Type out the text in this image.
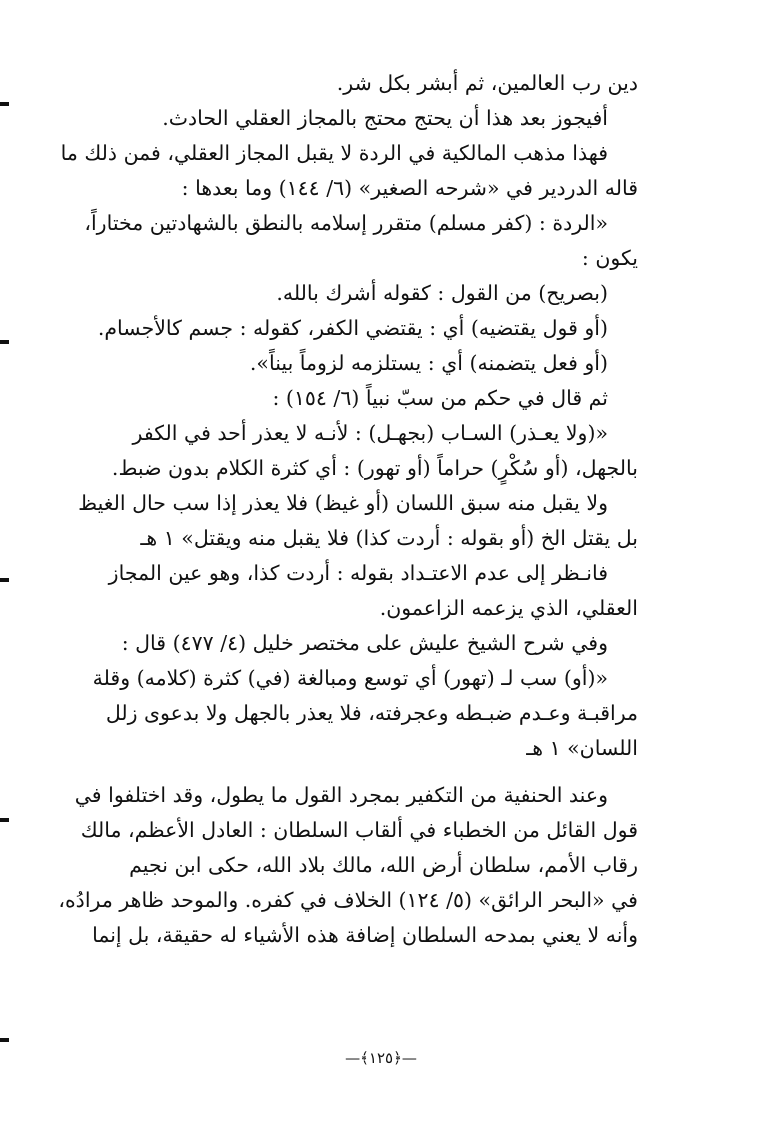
دين رب العالمين، ثم أبشر بكل شر.
أفيجوز بعد هذا أن يحتج محتج بالمجاز العقلي الحادث.
فهذا مذهب المالكية في الردة لا يقبل المجاز العقلي، فمن ذلك ما
قاله الدردير في «شرحه الصغير» (٦/ ١٤٤) وما بعدها :
«الردة : (كفر مسلم) متقرر إسلامه بالنطق بالشهادتين مختاراً،
يكون :
(بصريح) من القول : كقوله أشرك بالله.
(أو قول يقتضيه) أي : يقتضي الكفر، كقوله : جسم كالأجسام.
(أو فعل يتضمنه) أي : يستلزمه لزوماً بيناً».
ثم قال في حكم من سبّ نبياً (٦/ ١٥٤) :
«(ولا يعـذر) السـاب (بجهـل) : لأنـه لا يعذر أحد في الكفر
بالجهل، (أو سُكْرٍ) حراماً (أو تهور) : أي كثرة الكلام بدون ضبط.
ولا يقبل منه سبق اللسان (أو غيظ) فلا يعذر إذا سب حال الغيظ
بل يقتل الخ (أو بقوله : أردت كذا) فلا يقبل منه ويقتل» ١ هـ
فانـظر إلى عدم الاعتـداد بقوله : أردت كذا، وهو عين المجاز
العقلي، الذي يزعمه الزاعمون.
وفي شرح الشيخ عليش على مختصر خليل (٤/ ٤٧٧) قال :
«(أو) سب لـ (تهور) أي توسع ومبالغة (في) كثرة (كلامه) وقلة
مراقبـة وعـدم ضبـطه وعجرفته، فلا يعذر بالجهل ولا بدعوى زلل
اللسان» ١ هـ
وعند الحنفية من التكفير بمجرد القول ما يطول، وقد اختلفوا في
قول القائل من الخطباء في ألقاب السلطان : العادل الأعظم، مالك
رقاب الأمم، سلطان أرض الله، مالك بلاد الله، حكى ابن نجيم
في «البحر الرائق» (٥/ ١٢٤) الخلاف في كفره. والموحد ظاهر مرادُه،
وأنه لا يعني بمدحه السلطان إضافة هذه الأشياء له حقيقة، بل إنما
—﴿١٢٥﴾—
